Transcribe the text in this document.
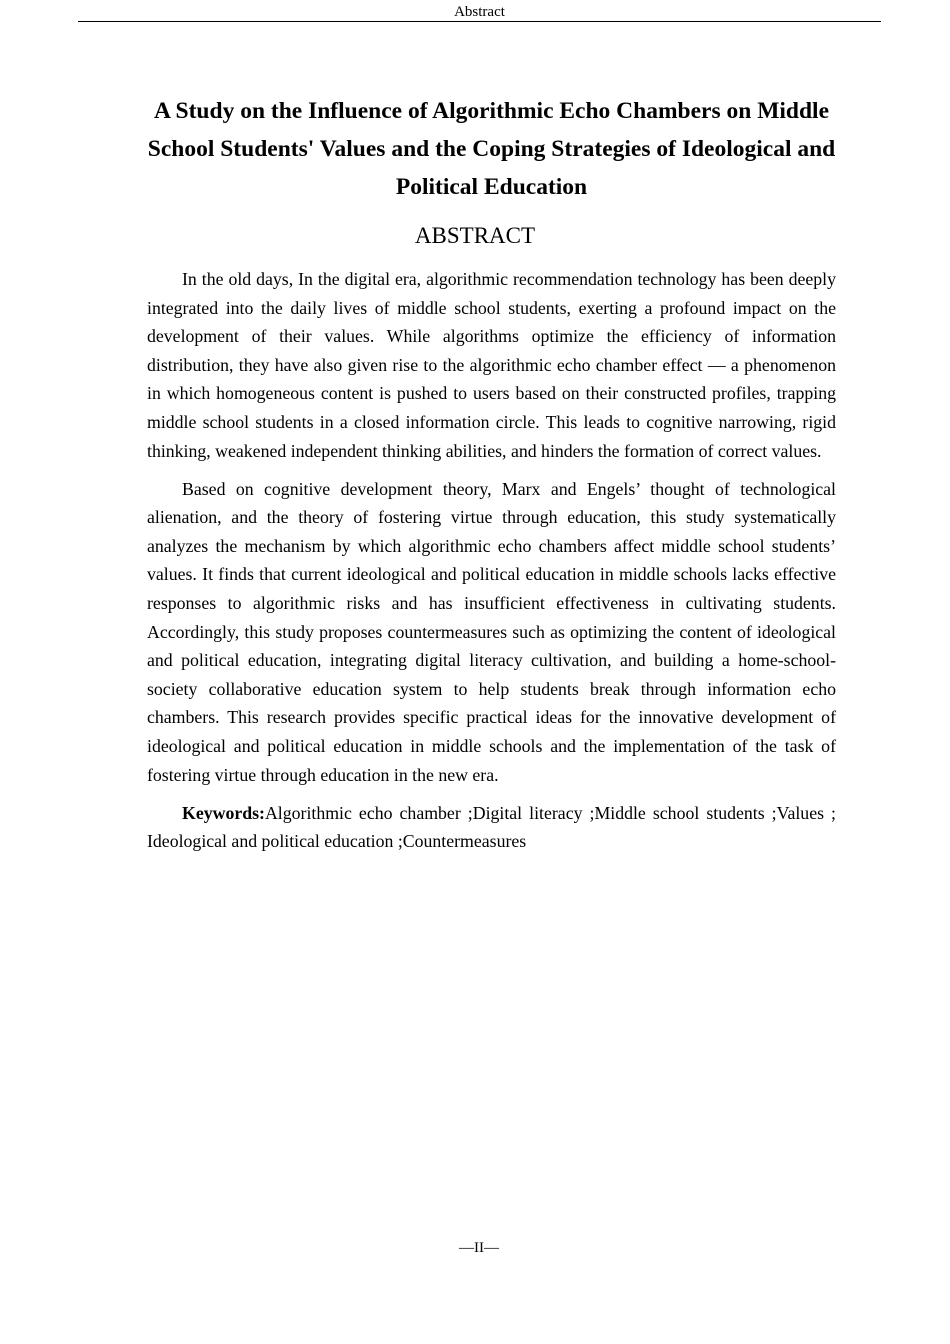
Abstract
A Study on the Influence of Algorithmic Echo Chambers on Middle School Students' Values and the Coping Strategies of Ideological and Political Education
ABSTRACT

In the old days, In the digital era, algorithmic recommendation technology has been deeply integrated into the daily lives of middle school students, exerting a profound impact on the development of their values. While algorithms optimize the efficiency of information distribution, they have also given rise to the algorithmic echo chamber effect — a phenomenon in which homogeneous content is pushed to users based on their constructed profiles, trapping middle school students in a closed information circle. This leads to cognitive narrowing, rigid thinking, weakened independent thinking abilities, and hinders the formation of correct values.

Based on cognitive development theory, Marx and Engels’ thought of technological alienation, and the theory of fostering virtue through education, this study systematically analyzes the mechanism by which algorithmic echo chambers affect middle school students’ values. It finds that current ideological and political education in middle schools lacks effective responses to algorithmic risks and has insufficient effectiveness in cultivating students. Accordingly, this study proposes countermeasures such as optimizing the content of ideological and political education, integrating digital literacy cultivation, and building a home-school-society collaborative education system to help students break through information echo chambers. This research provides specific practical ideas for the innovative development of ideological and political education in middle schools and the implementation of the task of fostering virtue through education in the new era.

Keywords:Algorithmic echo chamber ;Digital literacy ;Middle school students ;Values ; Ideological and political education ;Countermeasures

—II—
